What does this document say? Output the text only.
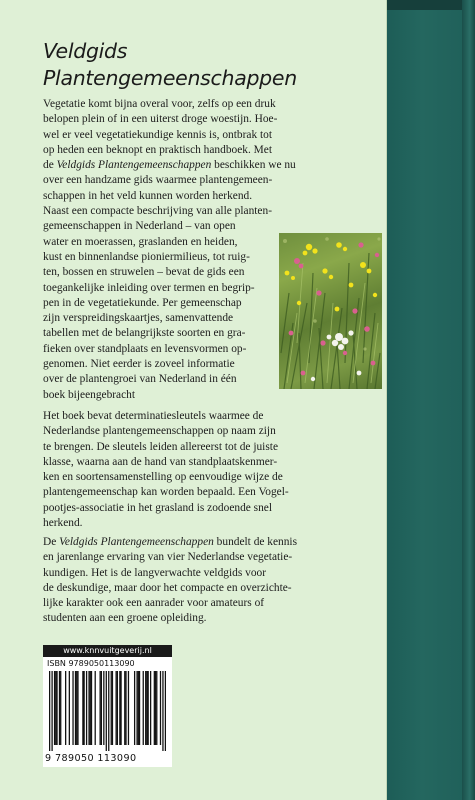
Veldgids
Plantengemeenschappen
Vegetatie komt bijna overal voor, zelfs op een druk
belopen plein of in een uiterst droge woestijn. Hoe-
wel er veel vegetatiekundige kennis is, ontbrak tot
op heden een beknopt en praktisch handboek. Met
de Veldgids Plantengemeenschappen beschikken we nu
over een handzame gids waarmee plantengemeen-
schappen in het veld kunnen worden herkend.
Naast een compacte beschrijving van alle planten-
gemeenschappen in Nederland – van open
water en moerassen, graslanden en heiden,
kust en binnenlandse pioniermilieus, tot ruig-
ten, bossen en struwelen – bevat de gids een
toegankelijke inleiding over termen en begrip-
pen in de vegetatiekunde. Per gemeenschap
zijn verspreidingskaartjes, samenvattende
tabellen met de belangrijkste soorten en gra-
fieken over standplaats en levensvormen op-
genomen. Niet eerder is zoveel informatie
over de plantengroei van Nederland in één
boek bijeengebracht
Het boek bevat determinatiesleutels waarmee de
Nederlandse plantengemeenschappen op naam zijn
te brengen. De sleutels leiden allereerst tot de juiste
klasse, waarna aan de hand van standplaatskenmer-
ken en soortensamenstelling op eenvoudige wijze de
plantengemeenschap kan worden bepaald. Een Vogel-
pootjes-associatie in het grasland is zodoende snel
herkend.
De Veldgids Plantengemeenschappen bundelt de kennis
en jarenlange ervaring van vier Nederlandse vegetatie-
kundigen. Het is de langverwachte veldgids voor
de deskundige, maar door het compacte en overzichte-
lijke karakter ook een aanrader voor amateurs of
studenten aan een groene opleiding.
www.knnvuitgeverij.nl
ISBN 9789050113090
9 789050 113090
